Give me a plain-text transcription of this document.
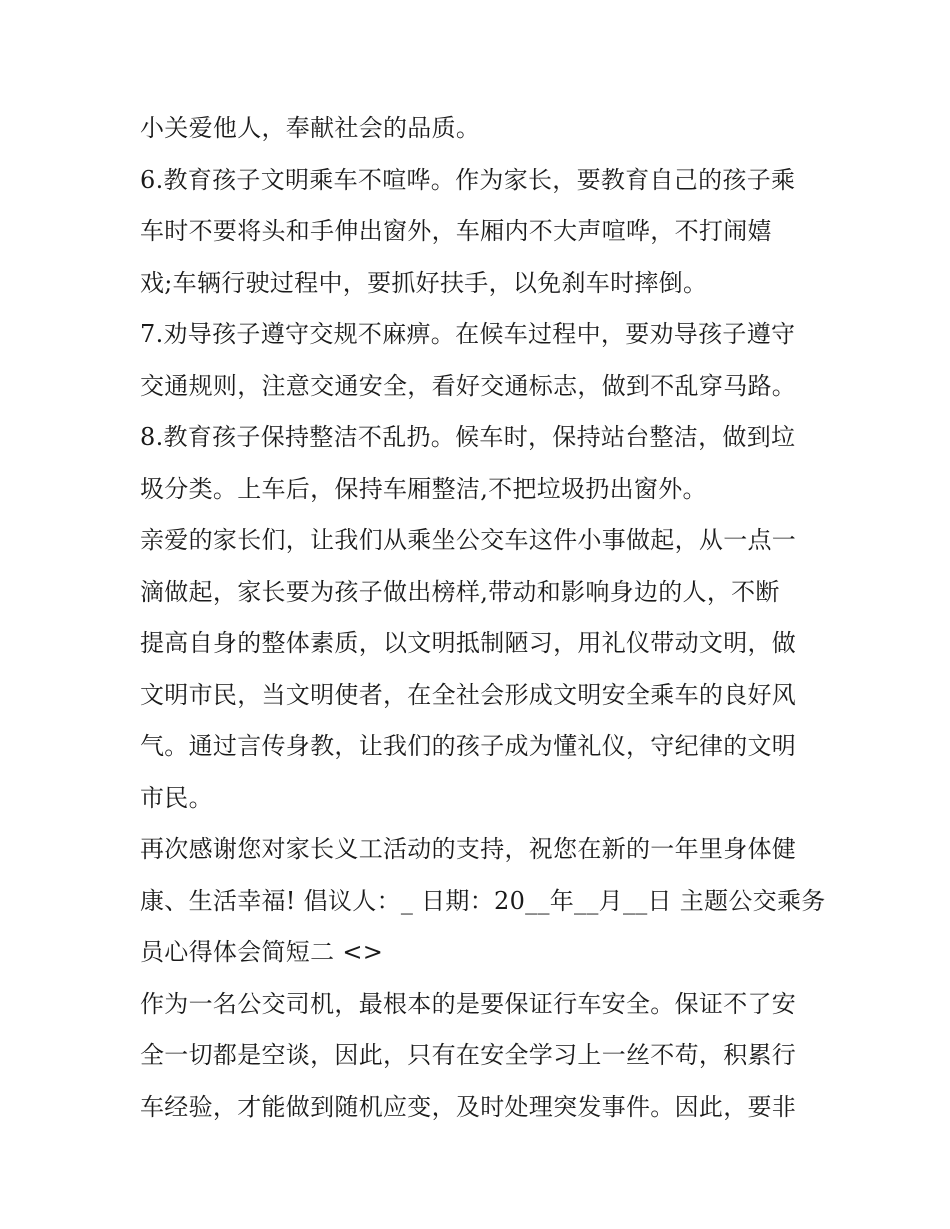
小关爱他人，奉献社会的品质。
6.教育孩子文明乘车不喧哗。作为家长，要教育自己的孩子乘
车时不要将头和手伸出窗外，车厢内不大声喧哗，不打闹嬉
戏;车辆行驶过程中，要抓好扶手，以免刹车时摔倒。
7.劝导孩子遵守交规不麻痹。在候车过程中，要劝导孩子遵守
交通规则，注意交通安全，看好交通标志，做到不乱穿马路。
8.教育孩子保持整洁不乱扔。候车时，保持站台整洁，做到垃
圾分类。上车后，保持车厢整洁,不把垃圾扔出窗外。
亲爱的家长们，让我们从乘坐公交车这件小事做起，从一点一
滴做起，家长要为孩子做出榜样,带动和影响身边的人，不断
提高自身的整体素质，以文明抵制陋习，用礼仪带动文明，做
文明市民，当文明使者，在全社会形成文明安全乘车的良好风
气。通过言传身教，让我们的孩子成为懂礼仪，守纪律的文明
市民。
再次感谢您对家长义工活动的支持，祝您在新的一年里身体健
康、生活幸福! 倡议人：_ 日期：20__年__月__日 主题公交乘务
员心得体会简短二 <>
作为一名公交司机，最根本的是要保证行车安全。保证不了安
全一切都是空谈，因此，只有在安全学习上一丝不苟，积累行
车经验，才能做到随机应变，及时处理突发事件。因此，要非
